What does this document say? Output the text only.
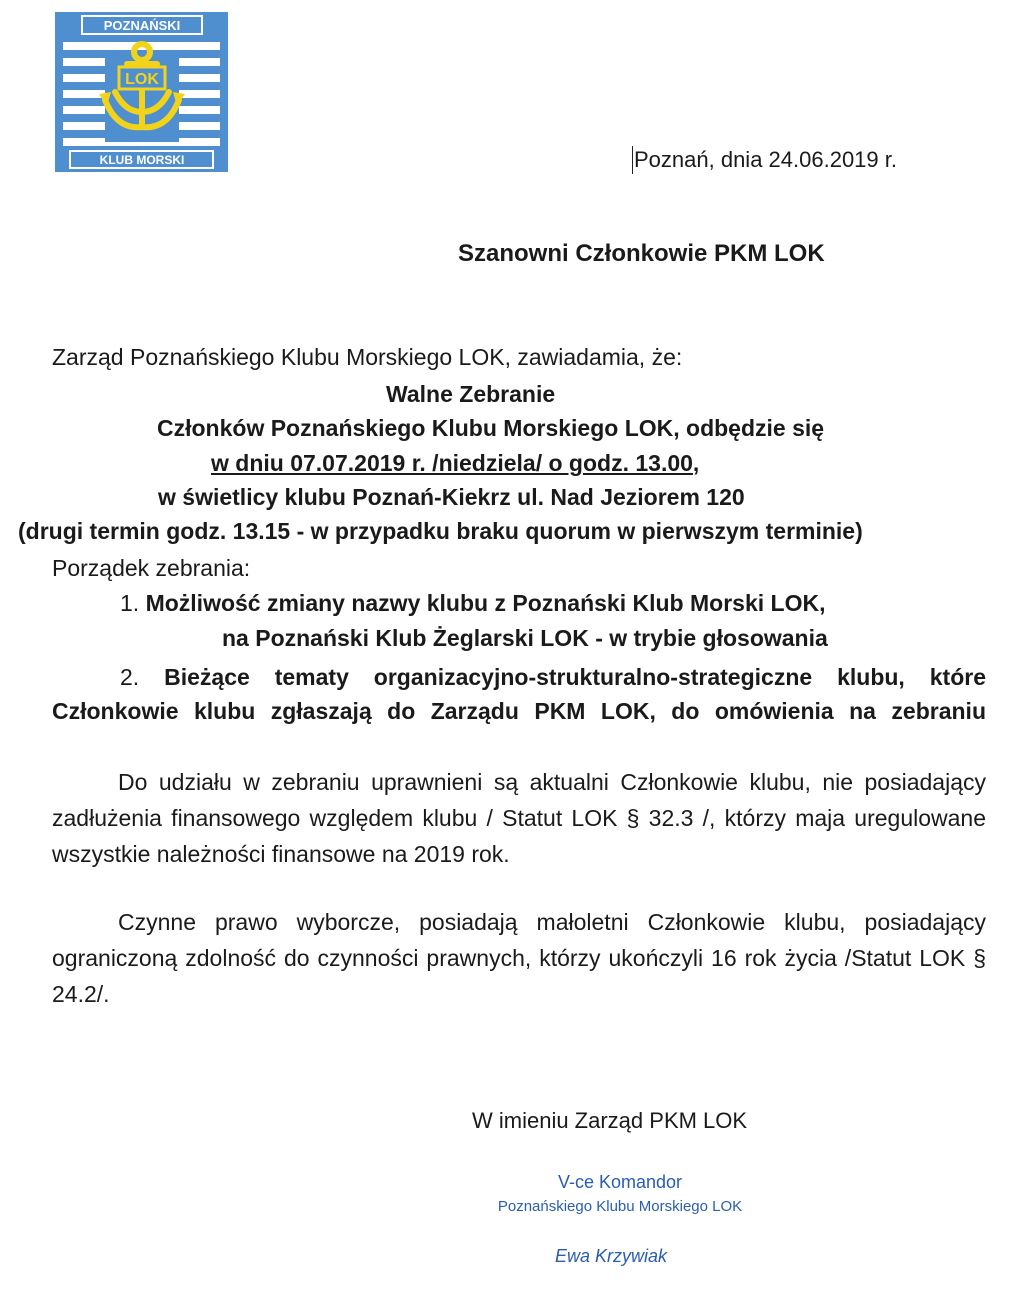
POZNAŃSKI
KLUB MORSKI
LOK
Poznań, dnia 24.06.2019 r.
Szanowni Członkowie PKM LOK
Zarząd Poznańskiego Klubu Morskiego LOK, zawiadamia, że:
Walne Zebranie
Członków Poznańskiego Klubu Morskiego LOK, odbędzie się
w dniu 07.07.2019 r. /niedziela/ o godz. 13.00,
w świetlicy klubu Poznań-Kiekrz ul. Nad Jeziorem 120
(drugi termin godz. 13.15 - w przypadku braku quorum w pierwszym terminie)
Porządek zebrania:
1. Możliwość zmiany nazwy klubu z Poznański Klub Morski LOK,
na Poznański Klub Żeglarski LOK - w trybie głosowania
2. Bieżące tematy organizacyjno-strukturalno-strategiczne klubu, które Członkowie klubu zgłaszają do Zarządu PKM LOK, do omówienia na zebraniu
Do udziału w zebraniu uprawnieni są aktualni Członkowie klubu, nie posiadający zadłużenia finansowego względem klubu / Statut LOK § 32.3 /, którzy maja uregulowane wszystkie należności finansowe na 2019 rok.
Czynne prawo wyborcze, posiadają małoletni Członkowie klubu, posiadający ograniczoną zdolność do czynności prawnych, którzy ukończyli 16 rok życia /Statut LOK § 24.2/.
W imieniu Zarząd PKM LOK
V-ce Komandor
Poznańskiego Klubu Morskiego LOK
Ewa Krzywiak
